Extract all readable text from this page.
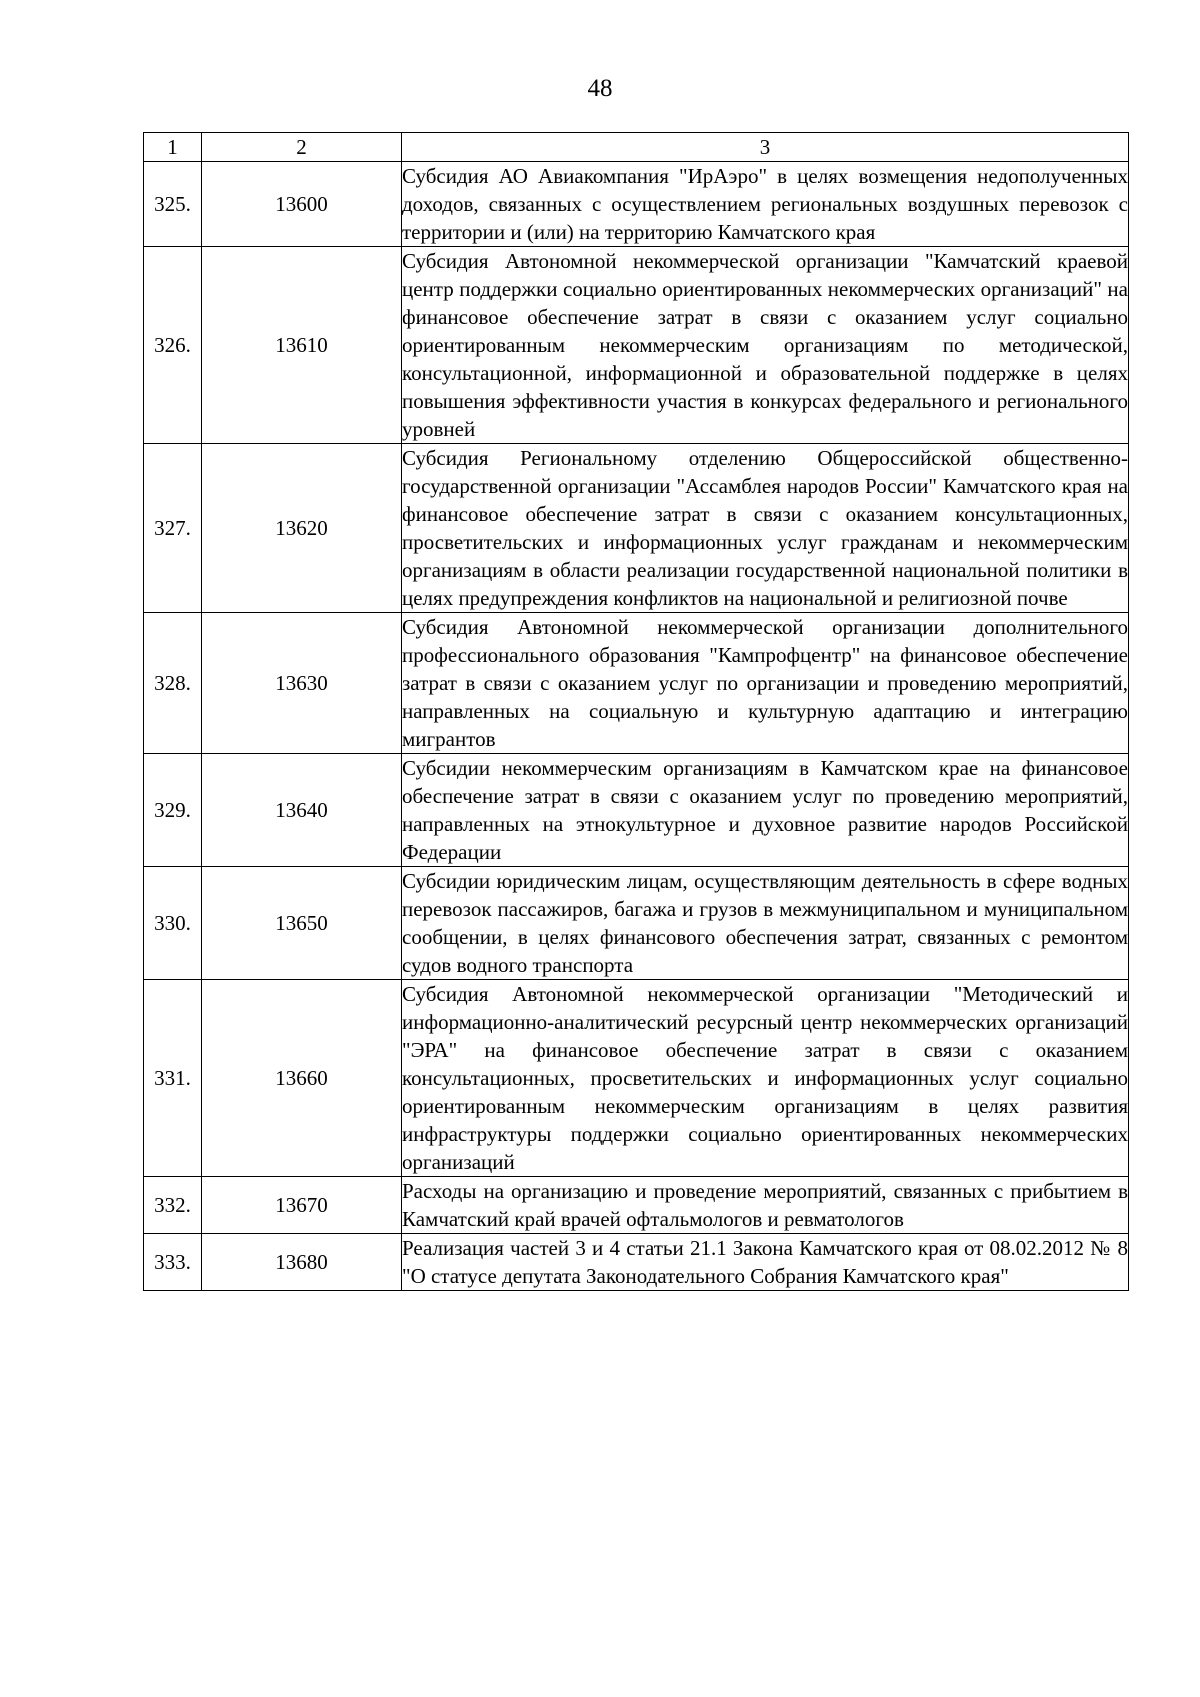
48
1	2	3
325.	13600	Субсидия АО Авиакомпания "ИрАэро" в целях возмещения недополученных доходов, связанных с осуществлением региональных воздушных перевозок с территории и (или) на территорию Камчатского края
326.	13610	Субсидия Автономной некоммерческой организации "Камчатский краевой центр поддержки социально ориентированных некоммерческих организаций" на финансовое обеспечение затрат в связи с оказанием услуг социально ориентированным некоммерческим организациям по методической, консультационной, информационной и образовательной поддержке в целях повышения эффективности участия в конкурсах федерального и регионального уровней
327.	13620	Субсидия Региональному отделению Общероссийской общественно-государственной организации "Ассамблея народов России" Камчатского края на финансовое обеспечение затрат в связи с оказанием консультационных, просветительских и информационных услуг гражданам и некоммерческим организациям в области реализации государственной национальной политики в целях предупреждения конфликтов на национальной и религиозной почве
328.	13630	Субсидия Автономной некоммерческой организации дополнительного профессионального образования "Кампрофцентр" на финансовое обеспечение затрат в связи с оказанием услуг по организации и проведению мероприятий, направленных на социальную и культурную адаптацию и интеграцию мигрантов
329.	13640	Субсидии некоммерческим организациям в Камчатском крае на финансовое обеспечение затрат в связи с оказанием услуг по проведению мероприятий, направленных на этнокультурное и духовное развитие народов Российской Федерации
330.	13650	Субсидии юридическим лицам, осуществляющим деятельность в сфере водных перевозок пассажиров, багажа и грузов в межмуниципальном и муниципальном сообщении, в целях финансового обеспечения затрат, связанных с ремонтом судов водного транспорта
331.	13660	Субсидия Автономной некоммерческой организации "Методический и информационно-аналитический ресурсный центр некоммерческих организаций "ЭРА" на финансовое обеспечение затрат в связи с оказанием консультационных, просветительских и информационных услуг социально ориентированным некоммерческим организациям в целях развития инфраструктуры поддержки социально ориентированных некоммерческих организаций
332.	13670	Расходы на организацию и проведение мероприятий, связанных с прибытием в Камчатский край врачей офтальмологов и ревматологов
333.	13680	Реализация частей 3 и 4 статьи 21.1 Закона Камчатского края от 08.02.2012 № 8 "О статусе депутата Законодательного Собрания Камчатского края"
